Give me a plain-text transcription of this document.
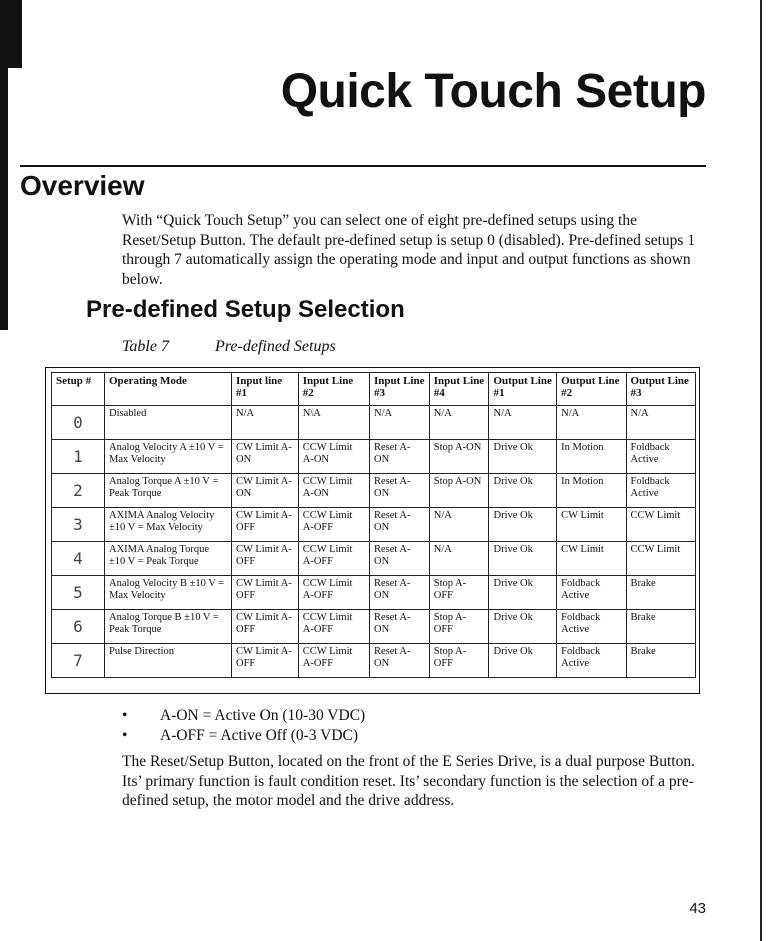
Quick Touch Setup
Overview

With “Quick Touch Setup” you can select one of eight pre-defined setups using the Reset/Setup Button. The default pre-defined setup is setup 0 (disabled). Pre-defined setups 1 through 7 automatically assign the operating mode and input and output functions as shown below.

Pre-defined Setup Selection
Table 7	Pre-defined Setups
Setup #	Operating Mode	Input line #1	Input Line #2	Input Line #3	Input Line #4	Output Line #1	Output Line #2	Output Line #3
0	Disabled	N/A	N\A	N/A	N/A	N/A	N/A	N/A
1	Analog Velocity A ±10 V = Max Velocity	CW Limit A-ON	CCW Limit A-ON	Reset A-ON	Stop A-ON	Drive Ok	In Motion	Foldback Active
2	Analog Torque A ±10 V = Peak Torque	CW Limit A-ON	CCW Limit A-ON	Reset A-ON	Stop A-ON	Drive Ok	In Motion	Foldback Active
3	AXIMA Analog Velocity ±10 V = Max Velocity	CW Limit A-OFF	CCW Limit A-OFF	Reset A-ON	N/A	Drive Ok	CW Limit	CCW Limit
4	AXIMA Analog Torque ±10 V = Peak Torque	CW Limit A-OFF	CCW Limit A-OFF	Reset A-ON	N/A	Drive Ok	CW Limit	CCW Limit
5	Analog Velocity B ±10 V = Max Velocity	CW Limit A-OFF	CCW Limit A-OFF	Reset A-ON	Stop A-OFF	Drive Ok	Foldback Active	Brake
6	Analog Torque B ±10 V = Peak Torque	CW Limit A-OFF	CCW Limit A-OFF	Reset A-ON	Stop A-OFF	Drive Ok	Foldback Active	Brake
7	Pulse Direction	CW Limit A-OFF	CCW Limit A-OFF	Reset A-ON	Stop A-OFF	Drive Ok	Foldback Active	Brake
• A-ON = Active On (10-30 VDC)
• A-OFF = Active Off (0-3 VDC)

The Reset/Setup Button, located on the front of the E Series Drive, is a dual purpose Button. Its’ primary function is fault condition reset. Its’ secondary function is the selection of a pre-defined setup, the motor model and the drive address.

43
